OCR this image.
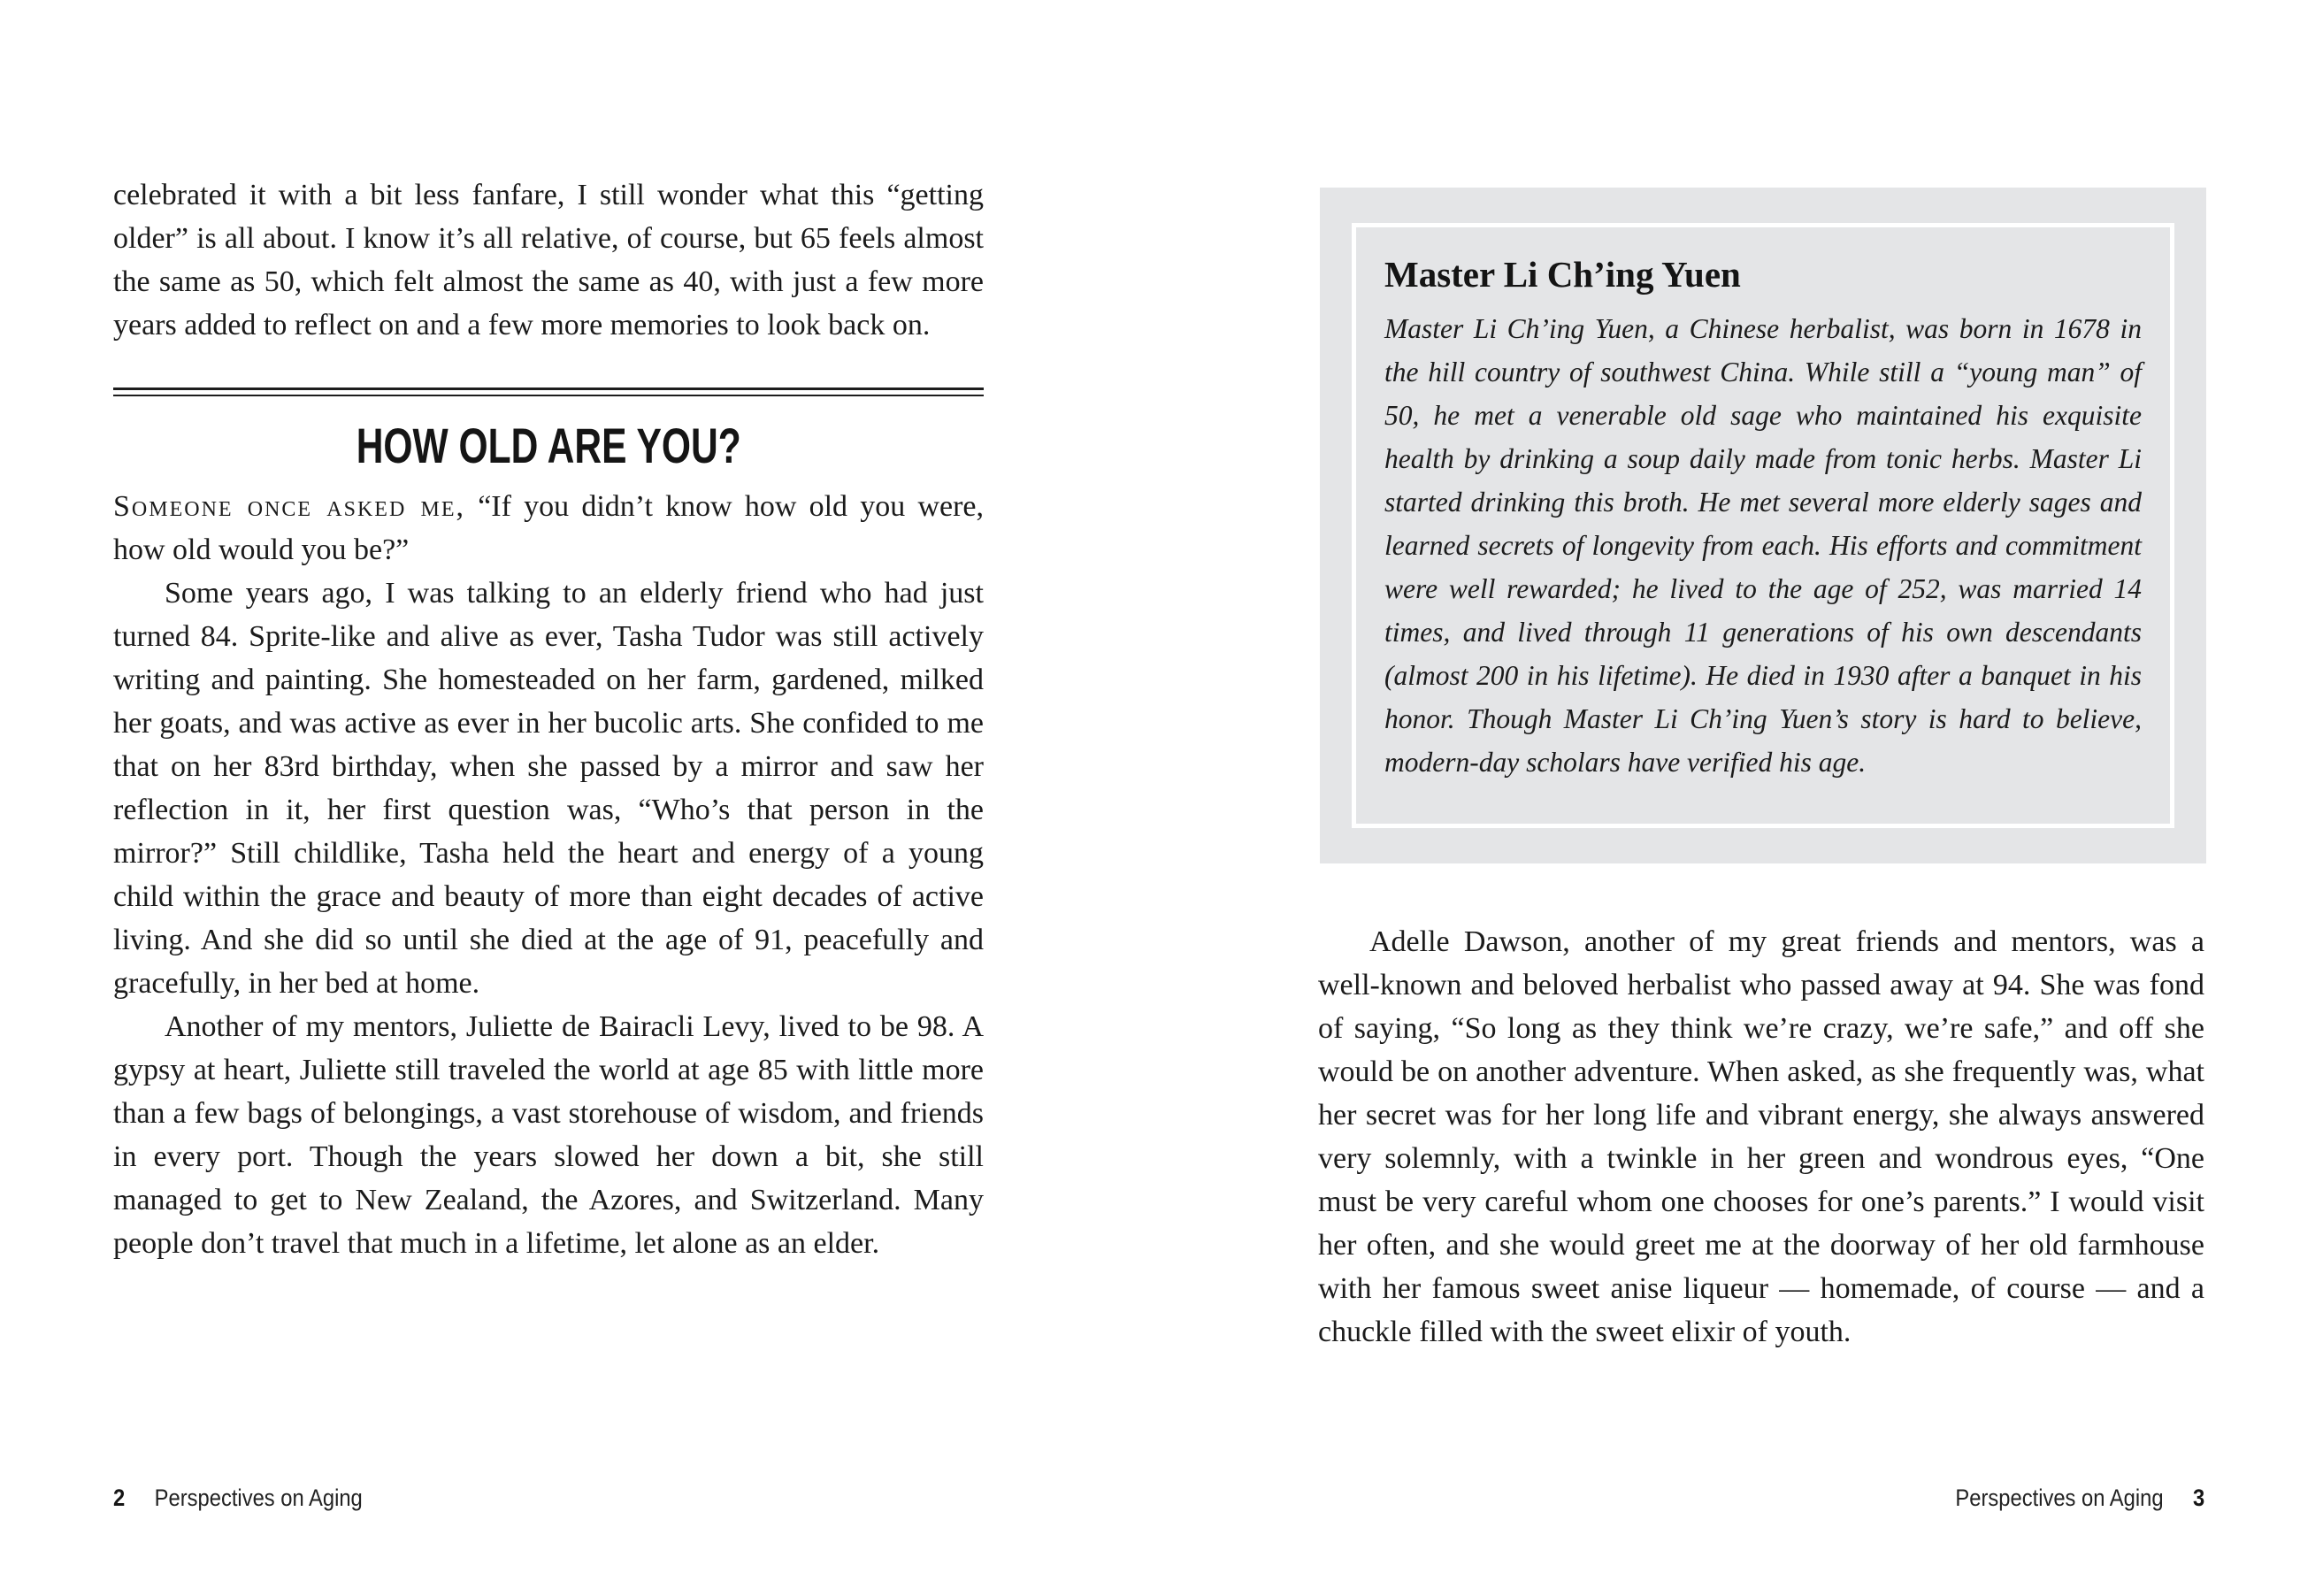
celebrated it with a bit less fanfare, I still wonder what this “getting older” is all about. I know it’s all relative, of course, but 65 feels almost the same as 50, which felt almost the same as 40, with just a few more years added to reflect on and a few more memories to look back on.

HOW OLD ARE YOU?

Someone once asked me, “If you didn’t know how old you were, how old would you be?”

Some years ago, I was talking to an elderly friend who had just turned 84. Sprite-like and alive as ever, Tasha Tudor was still actively writing and painting. She homesteaded on her farm, gardened, milked her goats, and was active as ever in her bucolic arts. She confided to me that on her 83rd birthday, when she passed by a mirror and saw her reflection in it, her first question was, “Who’s that person in the mirror?” Still childlike, Tasha held the heart and energy of a young child within the grace and beauty of more than eight decades of active living. And she did so until she died at the age of 91, peacefully and gracefully, in her bed at home.

Another of my mentors, Juliette de Bairacli Levy, lived to be 98. A gypsy at heart, Juliette still traveled the world at age 85 with little more than a few bags of belongings, a vast storehouse of wisdom, and friends in every port. Though the years slowed her down a bit, she still managed to get to New Zealand, the Azores, and Switzerland. Many people don’t travel that much in a lifetime, let alone as an elder.

2 Perspectives on Aging
Master Li Ch’ing Yuen

Master Li Ch’ing Yuen, a Chinese herbalist, was born in 1678 in the hill country of southwest China. While still a “young man” of 50, he met a venerable old sage who maintained his exquisite health by drinking a soup daily made from tonic herbs. Master Li started drinking this broth. He met several more elderly sages and learned secrets of longevity from each. His efforts and commitment were well rewarded; he lived to the age of 252, was married 14 times, and lived through 11 generations of his own descendants (almost 200 in his lifetime). He died in 1930 after a banquet in his honor. Though Master Li Ch’ing Yuen’s story is hard to believe, modern-day scholars have verified his age.

Adelle Dawson, another of my great friends and mentors, was a well-known and beloved herbalist who passed away at 94. She was fond of saying, “So long as they think we’re crazy, we’re safe,” and off she would be on another adventure. When asked, as she frequently was, what her secret was for her long life and vibrant energy, she always answered very solemnly, with a twinkle in her green and wondrous eyes, “One must be very careful whom one chooses for one’s parents.” I would visit her often, and she would greet me at the doorway of her old farmhouse with her famous sweet anise liqueur — homemade, of course — and a chuckle filled with the sweet elixir of youth.

Perspectives on Aging 3
